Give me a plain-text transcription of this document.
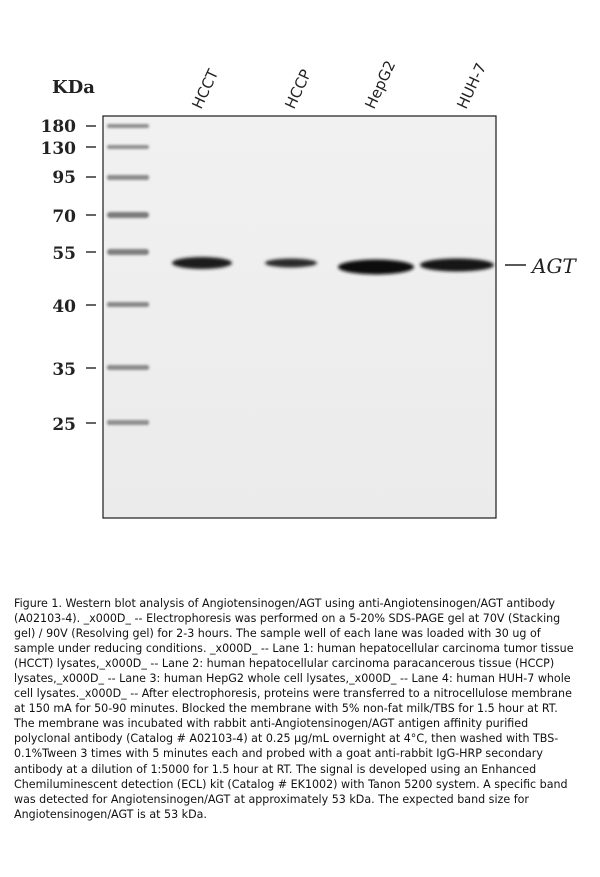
KDa	HCCT	HCCP	HepG2	HUH-7
180
130
95
70
55
40
35
25
AGT

Figure 1. Western blot analysis of Angiotensinogen/AGT using anti-Angiotensinogen/AGT antibody (A02103-4). _x000D_ -- Electrophoresis was performed on a 5-20% SDS-PAGE gel at 70V (Stacking gel) / 90V (Resolving gel) for 2-3 hours. The sample well of each lane was loaded with 30 ug of sample under reducing conditions. _x000D_ -- Lane 1: human hepatocellular carcinoma tumor tissue (HCCT) lysates,_x000D_ -- Lane 2: human hepatocellular carcinoma paracancerous tissue (HCCP) lysates,_x000D_ -- Lane 3: human HepG2 whole cell lysates,_x000D_ -- Lane 4: human HUH-7 whole cell lysates._x000D_ -- After electrophoresis, proteins were transferred to a nitrocellulose membrane at 150 mA for 50-90 minutes. Blocked the membrane with 5% non-fat milk/TBS for 1.5 hour at RT. The membrane was incubated with rabbit anti-Angiotensinogen/AGT antigen affinity purified polyclonal antibody (Catalog # A02103-4) at 0.25 µg/mL overnight at 4°C, then washed with TBS-0.1%Tween 3 times with 5 minutes each and probed with a goat anti-rabbit IgG-HRP secondary antibody at a dilution of 1:5000 for 1.5 hour at RT. The signal is developed using an Enhanced Chemiluminescent detection (ECL) kit (Catalog # EK1002) with Tanon 5200 system. A specific band was detected for Angiotensinogen/AGT at approximately 53 kDa. The expected band size for Angiotensinogen/AGT is at 53 kDa.
